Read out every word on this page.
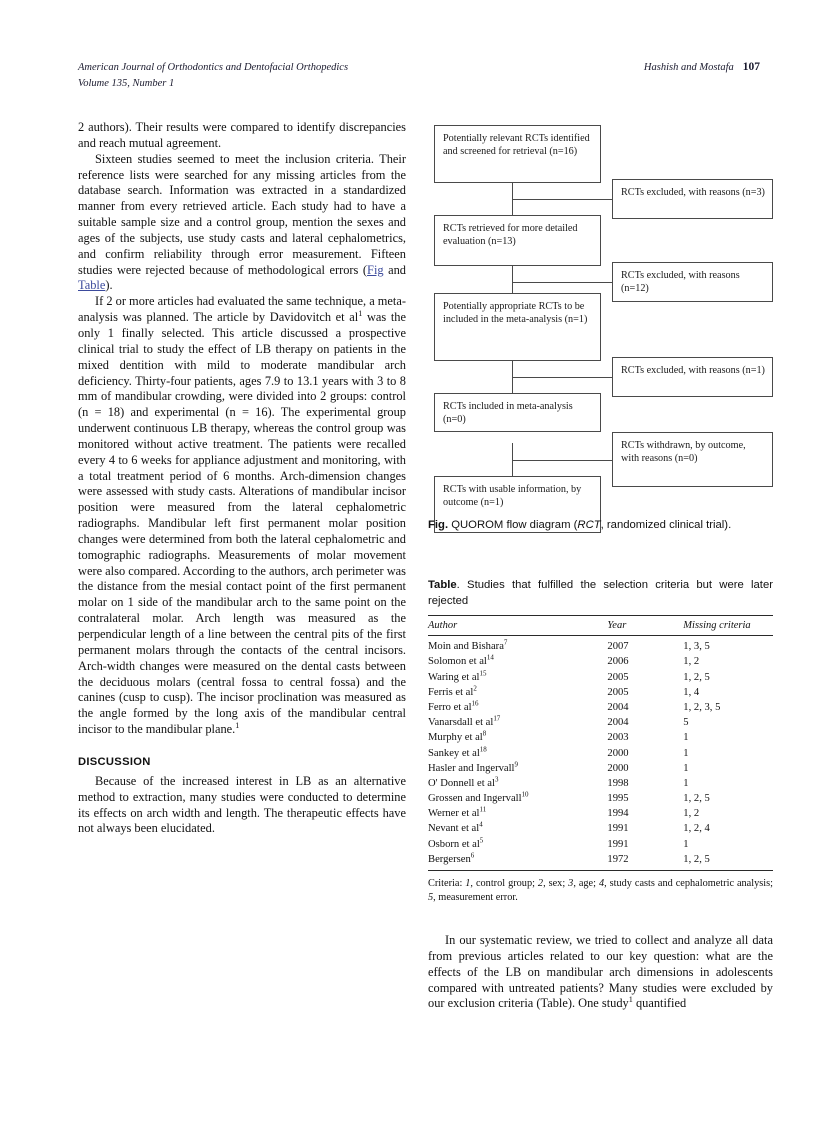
American Journal of Orthodontics and Dentofacial Orthopedics	Hashish and Mostafa 107
Volume 135, Number 1

2 authors). Their results were compared to identify discrepancies and reach mutual agreement.

Sixteen studies seemed to meet the inclusion criteria. Their reference lists were searched for any missing articles from the database search. Information was extracted in a standardized manner from every retrieved article. Each study had to have a suitable sample size and a control group, mention the sexes and ages of the subjects, use study casts and lateral cephalometrics, and confirm reliability through error measurement. Fifteen studies were rejected because of methodological errors (Fig and Table).

If 2 or more articles had evaluated the same technique, a meta-analysis was planned. The article by Davidovitch et $al^1$ was the only 1 finally selected. This article discussed a prospective clinical trial to study the effect of LB therapy on patients in the mixed dentition with mild to moderate mandibular arch deficiency. Thirty-four patients, ages 7.9 to 13.1 years with 3 to 8 mm of mandibular crowding, were divided into 2 groups: control (n = 18) and experimental (n = 16). The experimental group underwent continuous LB therapy, whereas the control group was monitored without active treatment. The patients were recalled every 4 to 6 weeks for appliance adjustment and monitoring, with a total treatment period of 6 months. Arch-dimension changes were assessed with study casts. Alterations of mandibular incisor position were measured from the lateral cephalometric radiographs. Mandibular left first permanent molar position changes were determined from both the lateral cephalometric and tomographic radiographs. Measurements of molar movement were also compared. According to the authors, arch perimeter was the distance from the mesial contact point of the first permanent molar on 1 side of the mandibular arch to the same point on the contralateral molar. Arch length was measured as the perpendicular length of a line between the central pits of the first permanent molars through the contacts of the central incisors. Arch-width changes were measured on the dental casts between the deciduous molars (central fossa to central fossa) and the canines (cusp to cusp). The incisor proclination was measured as the angle formed by the long axis of the mandibular central incisor to the mandibular plane.$^1$

DISCUSSION

Because of the increased interest in LB as an alternative method to extraction, many studies were conducted to determine its effects on arch width and length. The therapeutic effects have not always been elucidated.

Potentially relevant RCTs identified and screened for retrieval (n=16)
RCTs retrieved for more detailed evaluation (n=13)
Potentially appropriate RCTs to be included in the meta-analysis (n=1)
RCTs included in meta-analysis (n=0)
RCTs with usable information, by outcome (n=1)
RCTs excluded, with reasons (n=3)
RCTs excluded, with reasons (n=12)
RCTs excluded, with reasons (n=1)
RCTs withdrawn, by outcome, with reasons (n=0)
Fig. QUOROM flow diagram (RCT, randomized clinical trial).
Table. Studies that fulfilled the selection criteria but were later rejected
Author	Year	Missing criteria
Moin and Bishara$^7$	2007	1, 3, 5
Solomon et $al^{14}$	2006	1, 2
Waring et $al^{15}$	2005	1, 2, 5
Ferris et $al^2$	2005	1, 4
Ferro et $al^{16}$	2004	1, 2, 3, 5
Vanarsdall et $al^{17}$	2004	5
Murphy et $al^8$	2003	1
Sankey et $al^{18}$	2000	1
Hasler and Ingervall$^9$	2000	1
O' Donnell et $al^3$	1998	1
Grossen and Ingervall$^{10}$	1995	1, 2, 5
Werner et $al^{11}$	1994	1, 2
Nevant et $al^4$	1991	1, 2, 4
Osborn et $al^5$	1991	1
Bergersen$^6$	1972	1, 2, 5
Criteria: 1, control group; 2, sex; 3, age; 4, study casts and cephalometric analysis; 5, measurement error.

In our systematic review, we tried to collect and analyze all data from previous articles related to our key question: what are the effects of the LB on mandibular arch dimensions in adolescents compared with untreated patients? Many studies were excluded by our exclusion criteria (Table). One study$^1$ quantified
